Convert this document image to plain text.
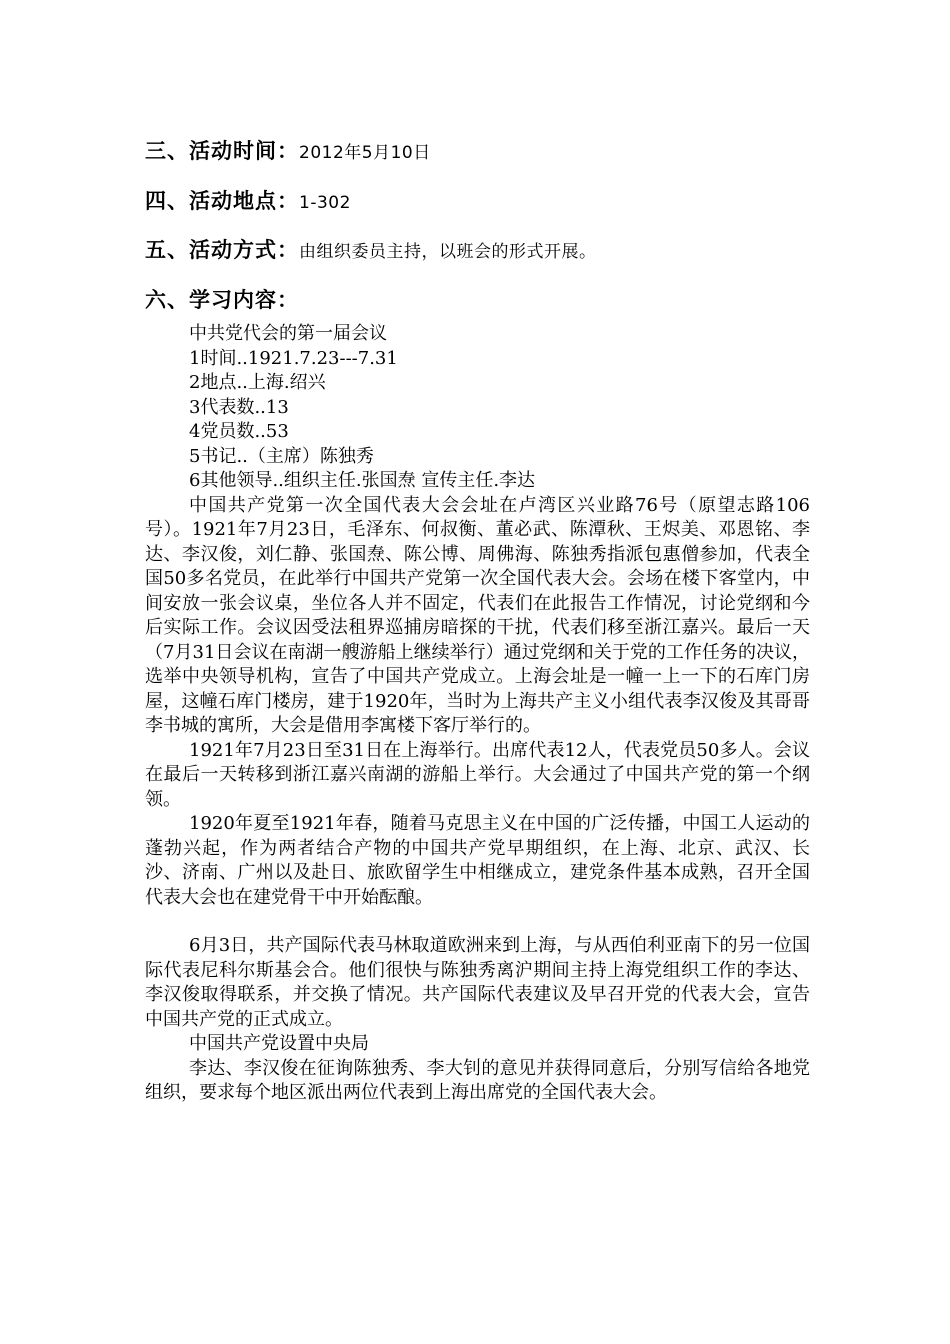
三、活动时间：2012年5月10日
四、活动地点：1-302
五、活动方式：由组织委员主持，以班会的形式开展。
六、学习内容：
中共党代会的第一届会议
1时间..1921.7.23---7.31
2地点..上海.绍兴
3代表数..13
4党员数..53
5书记..（主席）陈独秀
6其他领导..组织主任.张国焘 宣传主任.李达

中国共产党第一次全国代表大会会址在卢湾区兴业路76号（原望志路106号）。1921年7月23日，毛泽东、何叔衡、董必武、陈潭秋、王烬美、邓恩铭、李达、李汉俊，刘仁静、张国焘、陈公博、周佛海、陈独秀指派包惠僧参加，代表全国50多名党员，在此举行中国共产党第一次全国代表大会。会场在楼下客堂内，中间安放一张会议桌，坐位各人并不固定，代表们在此报告工作情况，讨论党纲和今后实际工作。会议因受法租界巡捕房暗探的干扰，代表们移至浙江嘉兴。最后一天（7月31日会议在南湖一艘游船上继续举行）通过党纲和关于党的工作任务的决议，选举中央领导机构，宣告了中国共产党成立。上海会址是一幢一上一下的石库门房屋，这幢石库门楼房，建于1920年，当时为上海共产主义小组代表李汉俊及其哥哥李书城的寓所，大会是借用李寓楼下客厅举行的。

1921年7月23日至31日在上海举行。出席代表12人，代表党员50多人。会议在最后一天转移到浙江嘉兴南湖的游船上举行。大会通过了中国共产党的第一个纲领。

1920年夏至1921年春，随着马克思主义在中国的广泛传播，中国工人运动的蓬勃兴起，作为两者结合产物的中国共产党早期组织，在上海、北京、武汉、长沙、济南、广州以及赴日、旅欧留学生中相继成立，建党条件基本成熟，召开全国代表大会也在建党骨干中开始酝酿。

6月3日，共产国际代表马林取道欧洲来到上海，与从西伯利亚南下的另一位国际代表尼科尔斯基会合。他们很快与陈独秀离沪期间主持上海党组织工作的李达、李汉俊取得联系，并交换了情况。共产国际代表建议及早召开党的代表大会，宣告中国共产党的正式成立。

中国共产党设置中央局

李达、李汉俊在征询陈独秀、李大钊的意见并获得同意后，分别写信给各地党组织，要求每个地区派出两位代表到上海出席党的全国代表大会。
